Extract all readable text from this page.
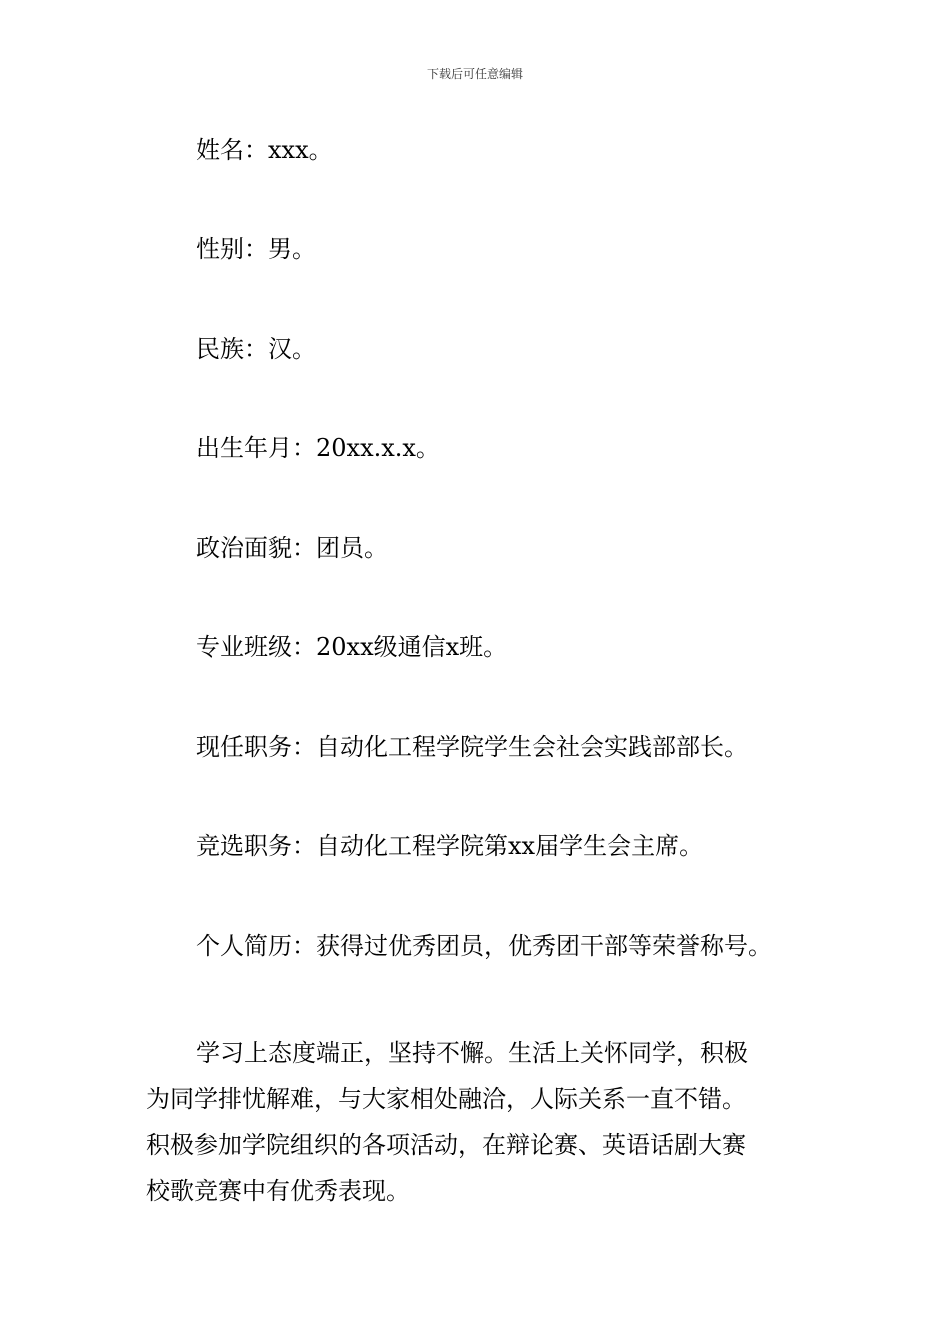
下载后可任意编辑
姓名：xxx。
性别：男。
民族：汉。
出生年月：20xx.x.x。
政治面貌：团员。
专业班级：20xx级通信x班。
现任职务：自动化工程学院学生会社会实践部部长。
竞选职务：自动化工程学院第xx届学生会主席。
个人简历：获得过优秀团员，优秀团干部等荣誉称号。
学习上态度端正，坚持不懈。生活上关怀同学，积极
为同学排忧解难，与大家相处融洽，人际关系一直不错。
积极参加学院组织的各项活动，在辩论赛、英语话剧大赛
校歌竞赛中有优秀表现。
